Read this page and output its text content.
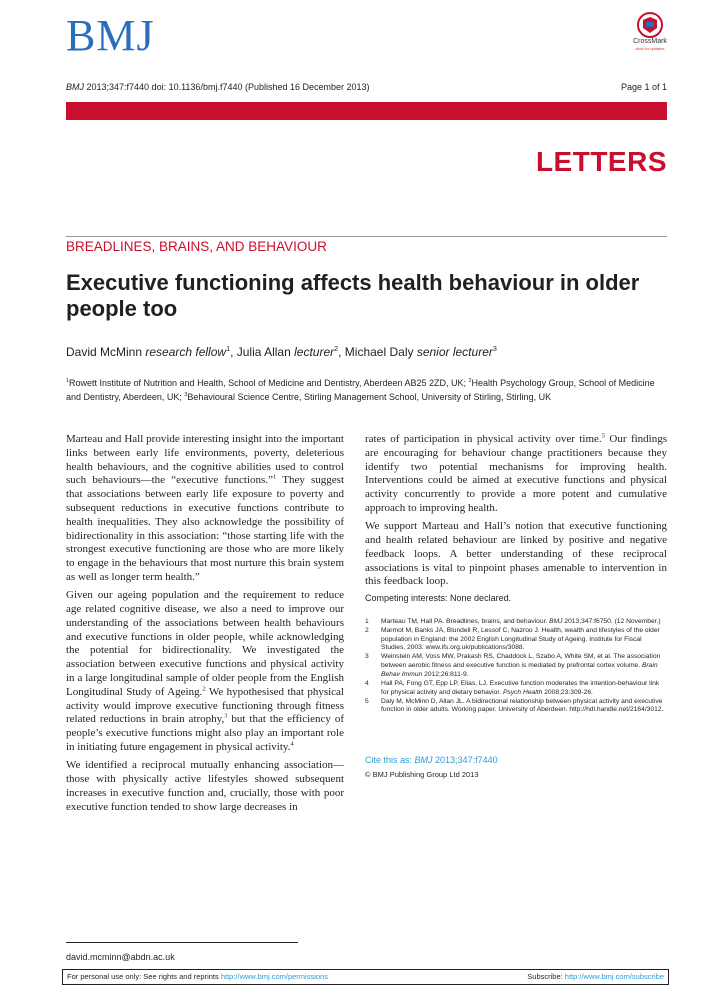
BMJ	CrossMark
click for updates
BMJ 2013;347:f7440 doi: 10.1136/bmj.f7440 (Published 16 December 2013)	Page 1 of 1
LETTERS
BREADLINES, BRAINS, AND BEHAVIOUR
Executive functioning affects health behaviour in older people too
David McMinn research fellow$^1$, Julia Allan lecturer$^2$, Michael Daly senior lecturer$^3$
$^1$Rowett Institute of Nutrition and Health, School of Medicine and Dentistry, Aberdeen AB25 2ZD, UK; $^2$Health Psychology Group, School of Medicine and Dentistry, Aberdeen, UK; $^3$Behavioural Science Centre, Stirling Management School, University of Stirling, Stirling, UK

Marteau and Hall provide interesting insight into the important links between early life environments, poverty, deleterious health behaviours, and the cognitive abilities used to control such behaviours—the “executive functions.”$^1$ They suggest that associations between early life exposure to poverty and subsequent reductions in executive functions contribute to health inequalities. They also acknowledge the possibility of bidirectionality in this association: “those starting life with the strongest executive functioning are those who are more likely to engage in the behaviours that most nurture this brain system as well as longer term health.”

Given our ageing population and the requirement to reduce age related cognitive disease, we also a need to improve our understanding of the associations between health behaviours and executive functions in older people, while acknowledging the potential for bidirectionality. We investigated the association between executive functions and physical activity in a large longitudinal sample of older people from the English Longitudinal Study of Ageing.$^2$ We hypothesised that physical activity would improve executive functioning through fitness related reductions in brain atrophy,$^3$ but that the efficiency of people’s executive functions might also play an important role in initiating future engagement in physical activity.$^4$

We identified a reciprocal mutually enhancing association—those with physically active lifestyles showed subsequent increases in executive function and, crucially, those with poor executive function tended to show large decreases in

rates of participation in physical activity over time.$^5$ Our findings are encouraging for behaviour change practitioners because they identify two potential mechanisms for improving health. Interventions could be aimed at executive functions and physical activity concurrently to provide a more potent and cumulative approach to improving health.

We support Marteau and Hall’s notion that executive functioning and health related behaviour are linked by positive and negative feedback loops. A better understanding of these reciprocal associations is vital to pinpoint phases amenable to intervention in this feedback loop.

Competing interests: None declared.
1	Marteau TM, Hall PA. Breadlines, brains, and behaviour. BMJ 2013;347:f6750. (12 November.)
2	Marmot M, Banks JA, Blundell R, Lessof C, Nazroo J. Health, wealth and lifestyles of the older population in England: the 2002 English Longitudinal Study of Ageing. Institute for Fiscal Studies, 2003. www.ifs.org.uk/publications/3088.
3	Weinstein AM, Voss MW, Prakash RS, Chaddock L, Szabo A, White SM, et al. The association between aerobic fitness and executive function is mediated by prefrontal cortex volume. Brain Behav Immun 2012;26:811-9.
4	Hall PA, Fong GT, Epp LP, Elias, LJ. Executive function moderates the intention-behaviour link for physical activity and dietary behavior. Psych Health 2008;23:309-26.
5	Daly M, McMinn D, Allan JL. A bidirectional relationship between physical activity and executive function in older adults. Working paper. University of Aberdeen. http://hdl.handle.net/2164/3012.
Cite this as: BMJ 2013;347:f7440
© BMJ Publishing Group Ltd 2013
david.mcminn@abdn.ac.uk
For personal use only: See rights and reprints http://www.bmj.com/permissions	Subscribe: http://www.bmj.com/subscribe
